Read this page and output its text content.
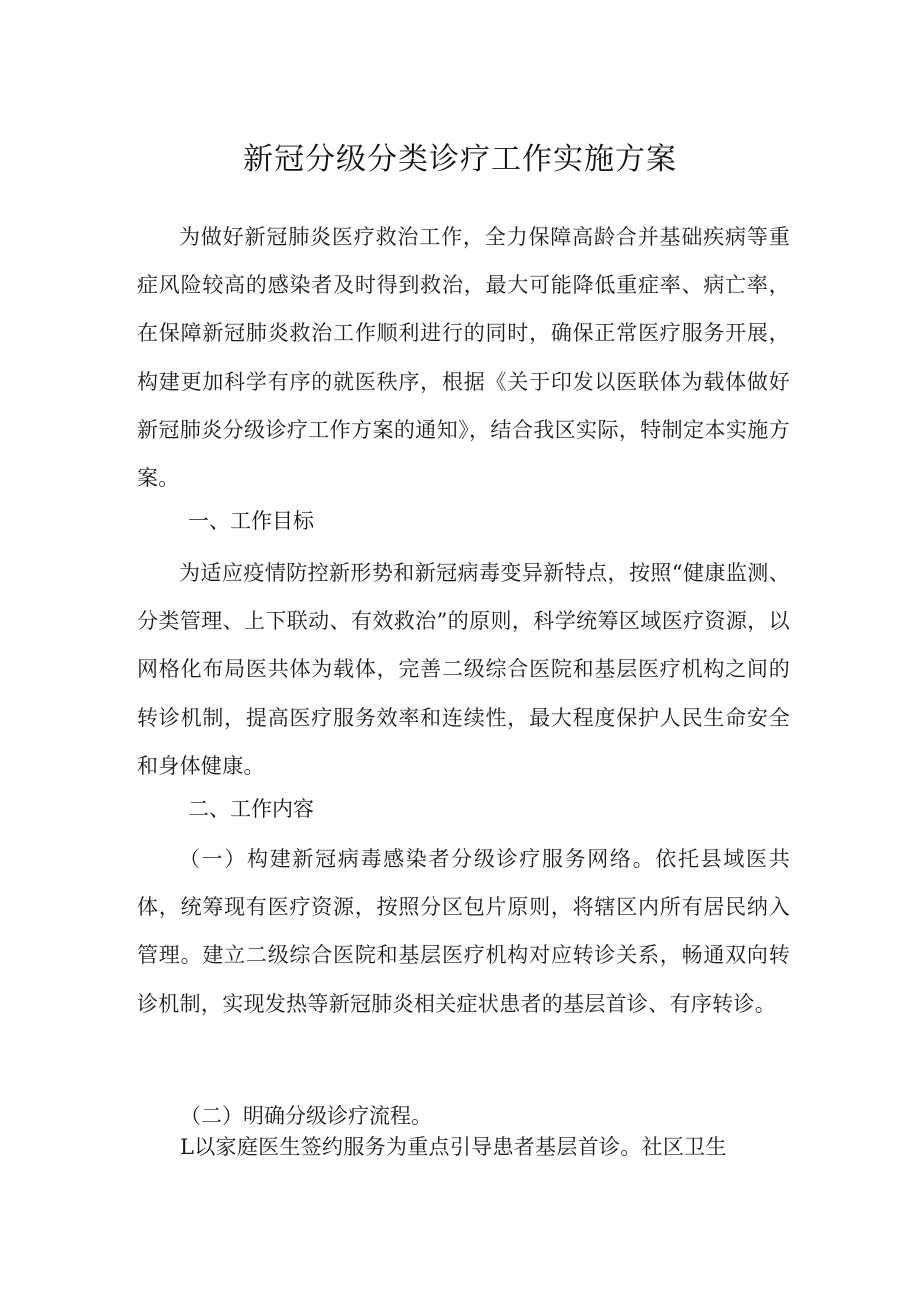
新冠分级分类诊疗工作实施方案

为做好新冠肺炎医疗救治工作，全力保障高龄合并基础疾病等重症风险较高的感染者及时得到救治，最大可能降低重症率、病亡率，在保障新冠肺炎救治工作顺利进行的同时，确保正常医疗服务开展，构建更加科学有序的就医秩序，根据《关于印发以医联体为载体做好新冠肺炎分级诊疗工作方案的通知》，结合我区实际，特制定本实施方案。

一、工作目标

为适应疫情防控新形势和新冠病毒变异新特点，按照“健康监测、分类管理、上下联动、有效救治”的原则，科学统筹区域医疗资源，以网格化布局医共体为载体，完善二级综合医院和基层医疗机构之间的转诊机制，提高医疗服务效率和连续性，最大程度保护人民生命安全和身体健康。

二、工作内容

（一）构建新冠病毒感染者分级诊疗服务网络。依托县域医共体，统筹现有医疗资源，按照分区包片原则，将辖区内所有居民纳入管理。建立二级综合医院和基层医疗机构对应转诊关系，畅通双向转诊机制，实现发热等新冠肺炎相关症状患者的基层首诊、有序转诊。

（二）明确分级诊疗流程。

L以家庭医生签约服务为重点引导患者基层首诊。社区卫生
